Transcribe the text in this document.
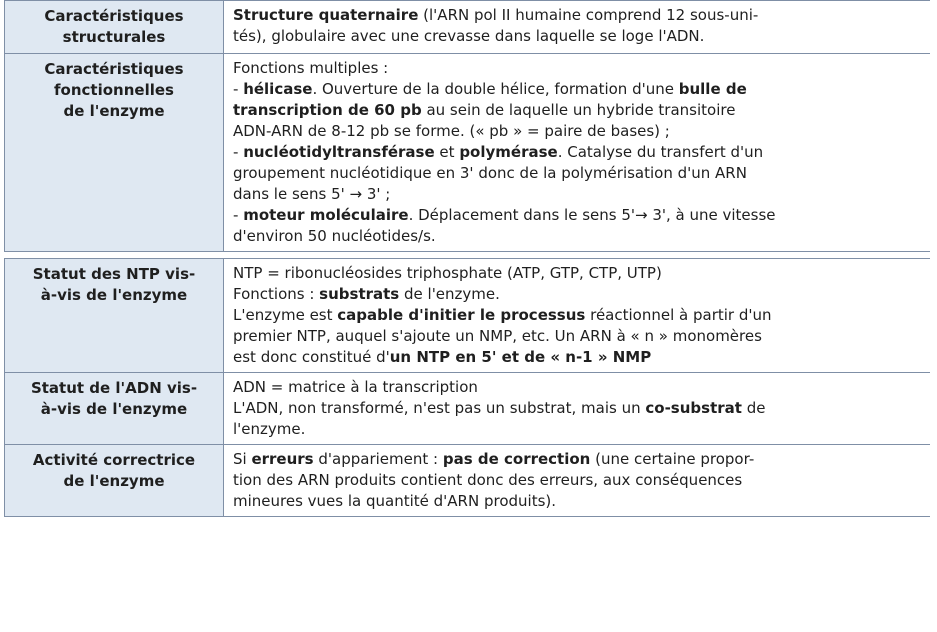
Caractéristiques
structurales
Structure quaternaire (l'ARN pol II humaine comprend 12 sous-uni-
tés), globulaire avec une crevasse dans laquelle se loge l'ADN.
Caractéristiques
fonctionnelles
de l'enzyme
Fonctions multiples :
- hélicase. Ouverture de la double hélice, formation d'une bulle de
transcription de 60 pb au sein de laquelle un hybride transitoire
ADN-ARN de 8-12 pb se forme. (« pb » = paire de bases) ;
- nucléotidyltransférase et polymérase. Catalyse du transfert d'un
groupement nucléotidique en 3' donc de la polymérisation d'un ARN
dans le sens 5' → 3' ;
- moteur moléculaire. Déplacement dans le sens 5'→ 3', à une vitesse
d'environ 50 nucléotides/s.
Statut des NTP vis-
à-vis de l'enzyme
NTP = ribonucléosides triphosphate (ATP, GTP, CTP, UTP)
Fonctions : substrats de l'enzyme.
L'enzyme est capable d'initier le processus réactionnel à partir d'un
premier NTP, auquel s'ajoute un NMP, etc. Un ARN à « n » monomères
est donc constitué d'un NTP en 5' et de « n-1 » NMP
Statut de l'ADN vis-
à-vis de l'enzyme
ADN = matrice à la transcription
L'ADN, non transformé, n'est pas un substrat, mais un co-substrat de
l'enzyme.
Activité correctrice
de l'enzyme
Si erreurs d'appariement : pas de correction (une certaine propor-
tion des ARN produits contient donc des erreurs, aux conséquences
mineures vues la quantité d'ARN produits).
